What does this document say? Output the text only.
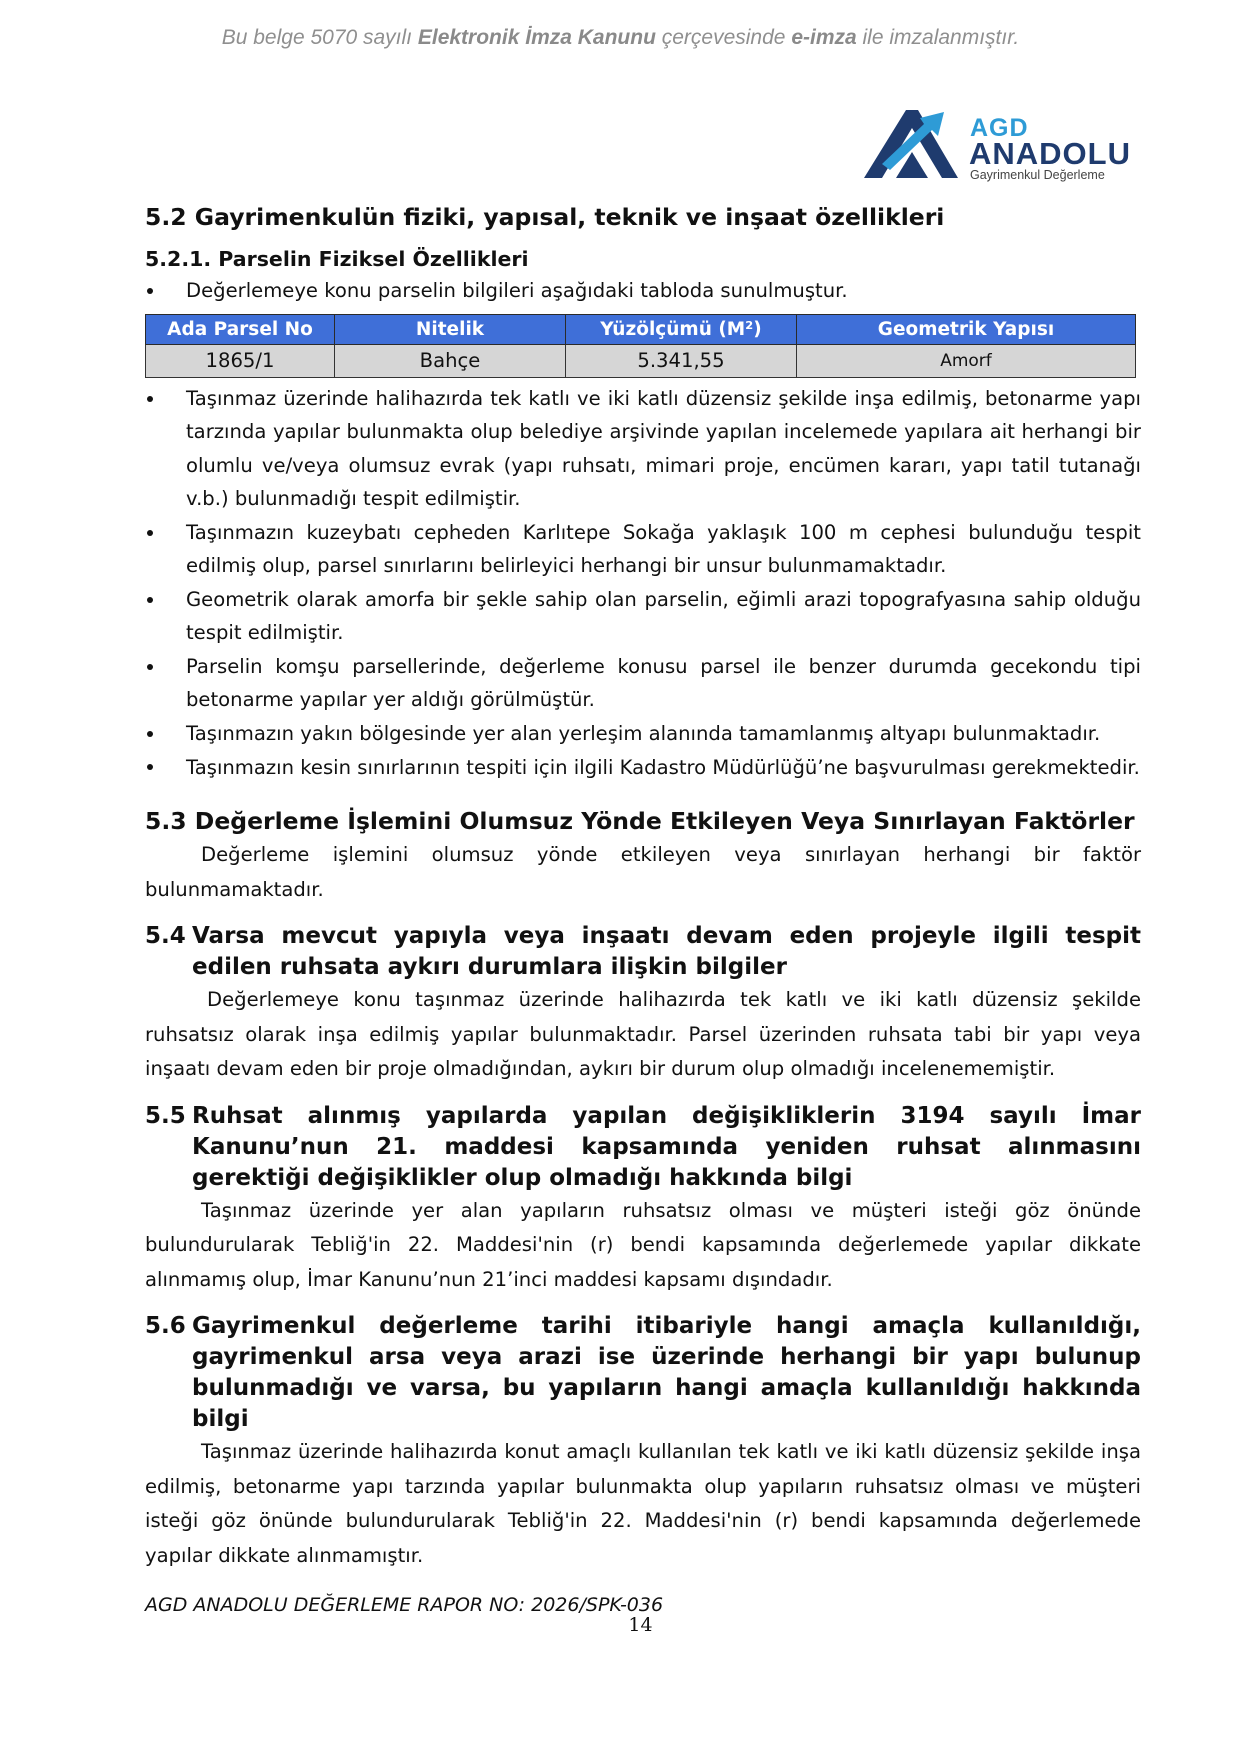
Bu belge 5070 sayılı Elektronik İmza Kanunu çerçevesinde e-imza ile imzalanmıştır.
AGD
ANADOLU
Gayrimenkul Değerleme

5.2 Gayrimenkulün fiziki, yapısal, teknik ve inşaat özellikleri

5.2.1. Parselin Fiziksel Özellikleri

Değerlemeye konu parselin bilgileri aşağıdaki tabloda sunulmuştur.
Ada Parsel No	Nitelik	Yüzölçümü (M²)	Geometrik Yapısı
1865/1	Bahçe	5.341,55	Amorf
Taşınmaz üzerinde halihazırda tek katlı ve iki katlı düzensiz şekilde inşa edilmiş, betonarme yapı tarzında yapılar bulunmakta olup belediye arşivinde yapılan incelemede yapılara ait herhangi bir olumlu ve/veya olumsuz evrak (yapı ruhsatı, mimari proje, encümen kararı, yapı tatil tutanağı v.b.) bulunmadığı tespit edilmiştir.
Taşınmazın kuzeybatı cepheden Karlıtepe Sokağa yaklaşık 100 m cephesi bulunduğu tespit edilmiş olup, parsel sınırlarını belirleyici herhangi bir unsur bulunmamaktadır.
Geometrik olarak amorfa bir şekle sahip olan parselin, eğimli arazi topografyasına sahip olduğu tespit edilmiştir.
Parselin komşu parsellerinde, değerleme konusu parsel ile benzer durumda gecekondu tipi betonarme yapılar yer aldığı görülmüştür.
Taşınmazın yakın bölgesinde yer alan yerleşim alanında tamamlanmış altyapı bulunmaktadır.
Taşınmazın kesin sınırlarının tespiti için ilgili Kadastro Müdürlüğü’ne başvurulması gerekmektedir.

5.3 Değerleme İşlemini Olumsuz Yönde Etkileyen Veya Sınırlayan Faktörler

Değerleme işlemini olumsuz yönde etkileyen veya sınırlayan herhangi bir faktör bulunmamaktadır.

5.4 Varsa mevcut yapıyla veya inşaatı devam eden projeyle ilgili tespit edilen ruhsata aykırı durumlara ilişkin bilgiler

Değerlemeye konu taşınmaz üzerinde halihazırda tek katlı ve iki katlı düzensiz şekilde ruhsatsız olarak inşa edilmiş yapılar bulunmaktadır. Parsel üzerinden ruhsata tabi bir yapı veya inşaatı devam eden bir proje olmadığından, aykırı bir durum olup olmadığı incelenememiştir.

5.5 Ruhsat alınmış yapılarda yapılan değişikliklerin 3194 sayılı İmar Kanunu’nun 21. maddesi kapsamında yeniden ruhsat alınmasını gerektiği değişiklikler olup olmadığı hakkında bilgi

Taşınmaz üzerinde yer alan yapıların ruhsatsız olması ve müşteri isteği göz önünde bulundurularak Tebliğ'in 22. Maddesi'nin (r) bendi kapsamında değerlemede yapılar dikkate alınmamış olup, İmar Kanunu’nun 21’inci maddesi kapsamı dışındadır.

5.6 Gayrimenkul değerleme tarihi itibariyle hangi amaçla kullanıldığı, gayrimenkul arsa veya arazi ise üzerinde herhangi bir yapı bulunup bulunmadığı ve varsa, bu yapıların hangi amaçla kullanıldığı hakkında bilgi

Taşınmaz üzerinde halihazırda konut amaçlı kullanılan tek katlı ve iki katlı düzensiz şekilde inşa edilmiş, betonarme yapı tarzında yapılar bulunmakta olup yapıların ruhsatsız olması ve müşteri isteği göz önünde bulundurularak Tebliğ'in 22. Maddesi'nin (r) bendi kapsamında değerlemede yapılar dikkate alınmamıştır.

AGD ANADOLU DEĞERLEME RAPOR NO: 2026/SPK-036
14
